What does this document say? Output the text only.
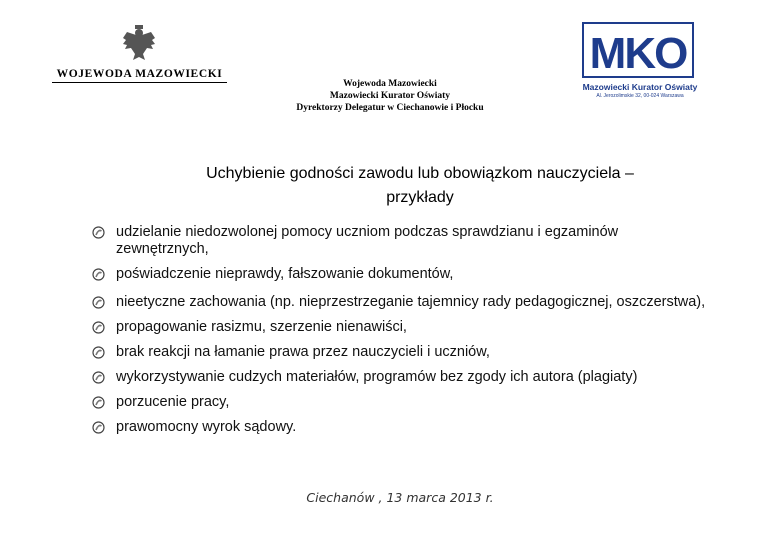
WOJEWODA MAZOWIECKI
Wojewoda Mazowiecki
Mazowiecki Kurator Oświaty
Dyrektorzy Delegatur w Ciechanowie i Płocku
MKO
Mazowiecki Kurator Oświaty
Al. Jerozolimskie 32, 00-024 Warszawa
Uchybienie godności zawodu lub obowiązkom nauczyciela –
przykłady
udzielanie niedozwolonej pomocy uczniom podczas sprawdzianu i egzaminów zewnętrznych,
poświadczenie nieprawdy, fałszowanie dokumentów,
nieetyczne zachowania (np. nieprzestrzeganie tajemnicy rady pedagogicznej, oszczerstwa),
propagowanie rasizmu, szerzenie nienawiści,
brak reakcji na łamanie prawa przez nauczycieli i uczniów,
wykorzystywanie cudzych materiałów, programów bez zgody ich autora (plagiaty)
porzucenie pracy,
prawomocny wyrok sądowy.
Ciechanów , 13 marca 2013 r.
